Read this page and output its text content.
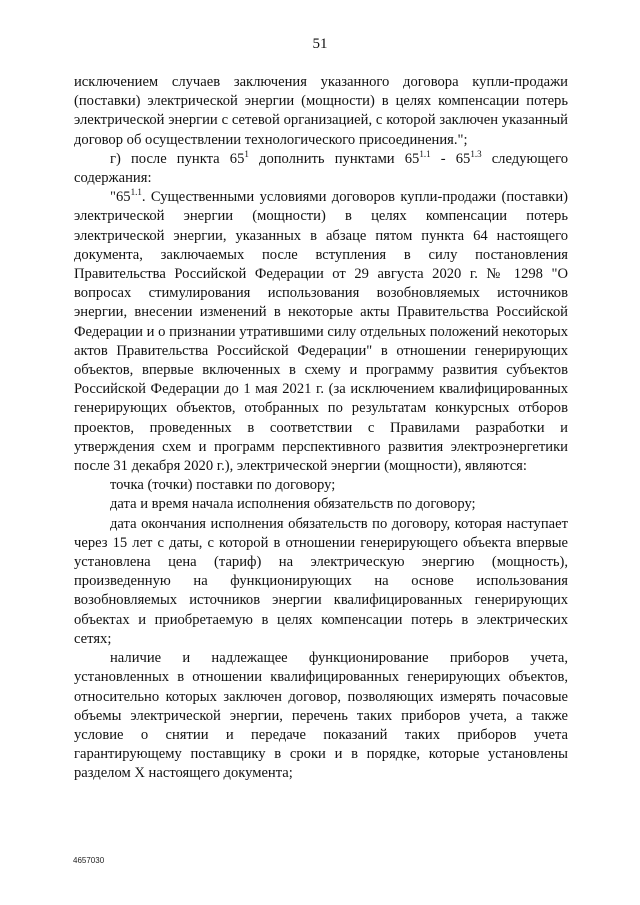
51

исключением случаев заключения указанного договора купли-продажи (поставки) электрической энергии (мощности) в целях компенсации потерь электрической энергии с сетевой организацией, с которой заключен указанный договор об осуществлении технологического присоединения.";

г) после пункта $65^1$ дополнить пунктами $65^{1.1} - 65^{1.3}$ следующего содержания:

"$65^{1.1}$. Существенными условиями договоров купли-продажи (поставки) электрической энергии (мощности) в целях компенсации потерь электрической энергии, указанных в абзаце пятом пункта 64 настоящего документа, заключаемых после вступления в силу постановления Правительства Российской Федерации от 29 августа 2020 г. № 1298 "О вопросах стимулирования использования возобновляемых источников энергии, внесении изменений в некоторые акты Правительства Российской Федерации и о признании утратившими силу отдельных положений некоторых актов Правительства Российской Федерации" в отношении генерирующих объектов, впервые включенных в схему и программу развития субъектов Российской Федерации до 1 мая 2021 г. (за исключением квалифицированных генерирующих объектов, отобранных по результатам конкурсных отборов проектов, проведенных в соответствии с Правилами разработки и утверждения схем и программ перспективного развития электроэнергетики после 31 декабря 2020 г.), электрической энергии (мощности), являются:

точка (точки) поставки по договору;

дата и время начала исполнения обязательств по договору;

дата окончания исполнения обязательств по договору, которая наступает через 15 лет с даты, с которой в отношении генерирующего объекта впервые установлена цена (тариф) на электрическую энергию (мощность), произведенную на функционирующих на основе использования возобновляемых источников энергии квалифицированных генерирующих объектах и приобретаемую в целях компенсации потерь в электрических сетях;

наличие и надлежащее функционирование приборов учета, установленных в отношении квалифицированных генерирующих объектов, относительно которых заключен договор, позволяющих измерять почасовые объемы электрической энергии, перечень таких приборов учета, а также условие о снятии и передаче показаний таких приборов учета гарантирующему поставщику в сроки и в порядке, которые установлены разделом X настоящего документа;

4657030
